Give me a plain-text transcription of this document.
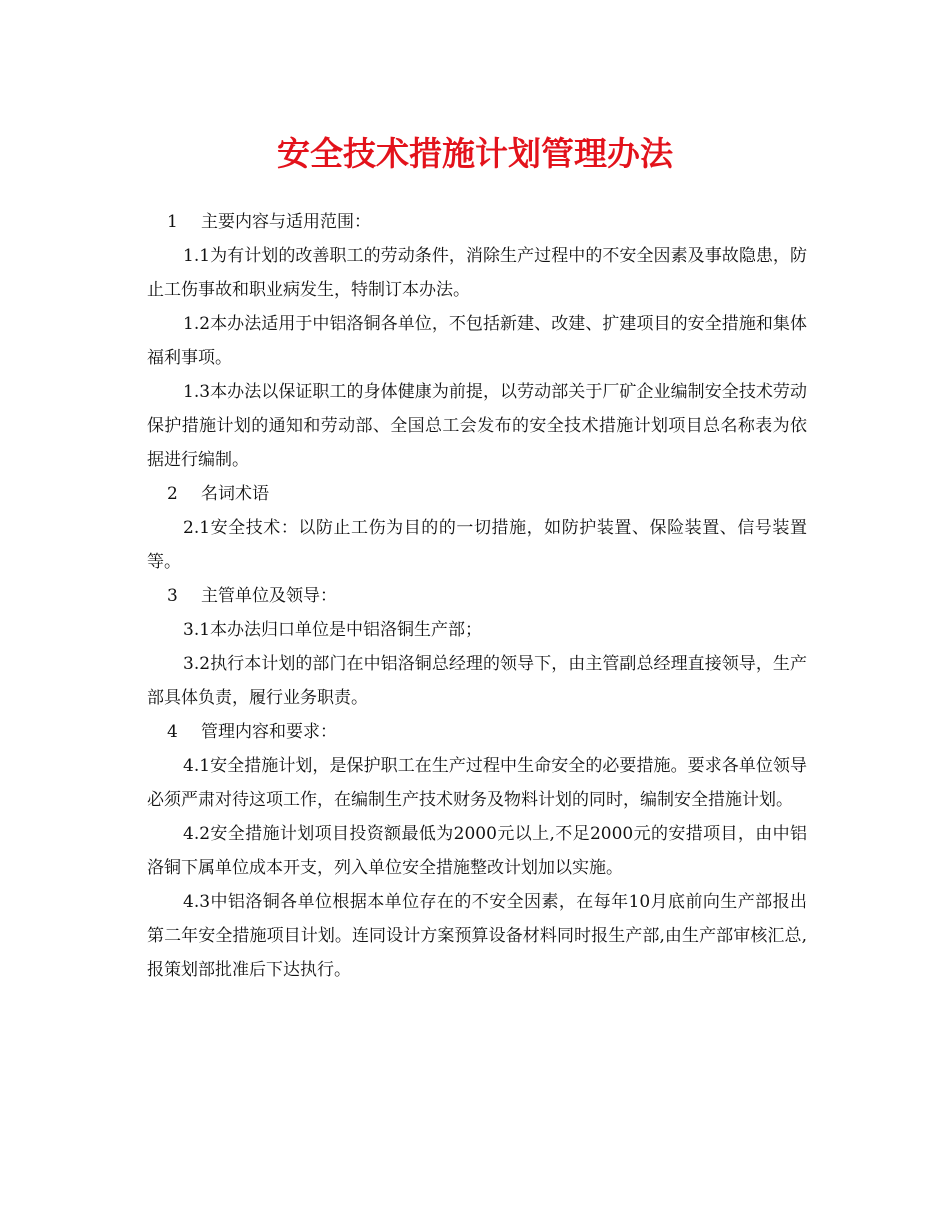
安全技术措施计划管理办法
1 主要内容与适用范围：

1.1为有计划的改善职工的劳动条件，消除生产过程中的不安全因素及事故隐患，防止工伤事故和职业病发生，特制订本办法。

1.2本办法适用于中铝洛铜各单位，不包括新建、改建、扩建项目的安全措施和集体福利事项。

1.3本办法以保证职工的身体健康为前提，以劳动部关于厂矿企业编制安全技术劳动保护措施计划的通知和劳动部、全国总工会发布的安全技术措施计划项目总名称表为依据进行编制。

2 名词术语

2.1安全技术：以防止工伤为目的的一切措施，如防护装置、保险装置、信号装置等。

3 主管单位及领导：

3.1本办法归口单位是中铝洛铜生产部；

3.2执行本计划的部门在中铝洛铜总经理的领导下，由主管副总经理直接领导，生产部具体负责，履行业务职责。

4 管理内容和要求：

4.1安全措施计划，是保护职工在生产过程中生命安全的必要措施。要求各单位领导必须严肃对待这项工作，在编制生产技术财务及物料计划的同时，编制安全措施计划。

4.2安全措施计划项目投资额最低为2000元以上,不足2000元的安措项目，由中铝洛铜下属单位成本开支，列入单位安全措施整改计划加以实施。

4.3中铝洛铜各单位根据本单位存在的不安全因素，在每年10月底前向生产部报出第二年安全措施项目计划。连同设计方案预算设备材料同时报生产部,由生产部审核汇总,报策划部批准后下达执行。
